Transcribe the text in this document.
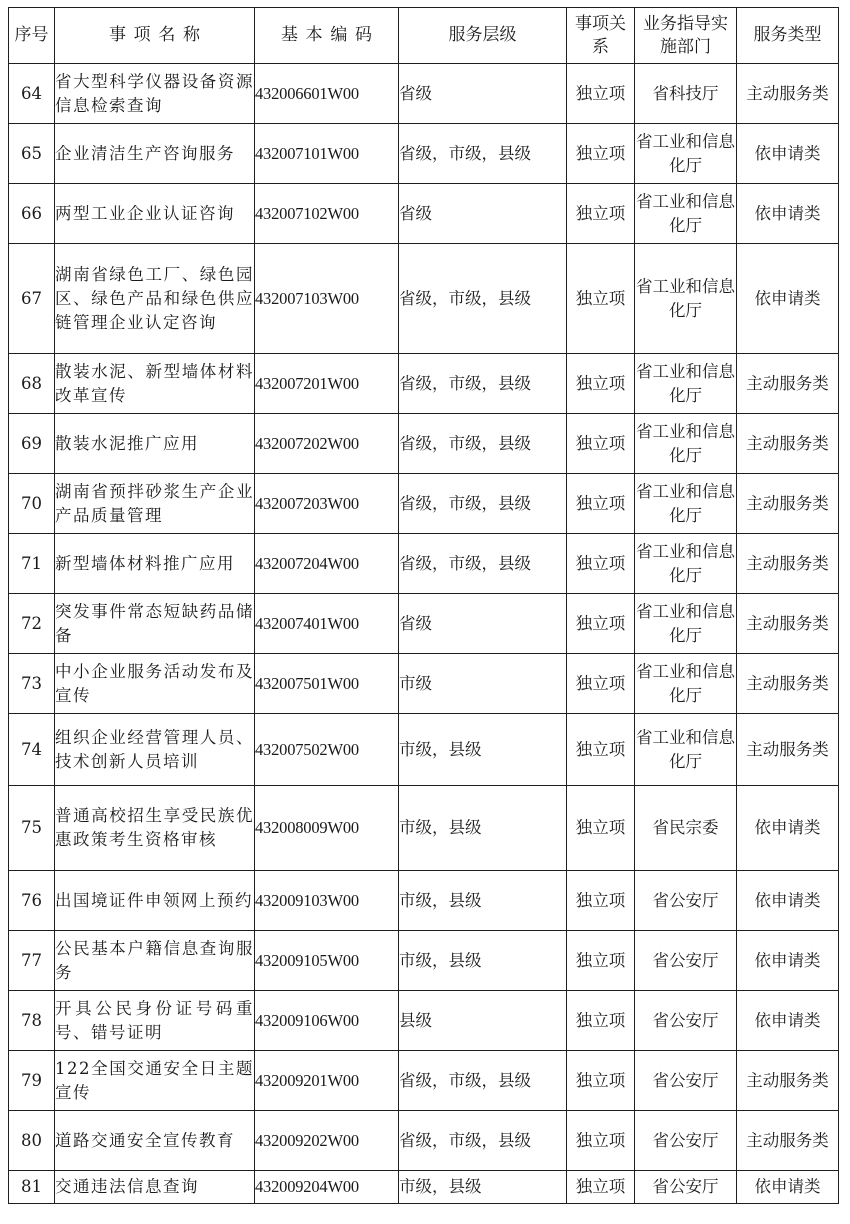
序号	事项名称	基本编码	服务层级	事项关系	业务指导实施部门	服务类型
64	省大型科学仪器设备资源信息检索查询	432006601W00	省级	独立项	省科技厅	主动服务类
65	企业清洁生产咨询服务	432007101W00	省级，市级，县级	独立项	省工业和信息化厅	依申请类
66	两型工业企业认证咨询	432007102W00	省级	独立项	省工业和信息化厅	依申请类
67	湖南省绿色工厂、绿色园区、绿色产品和绿色供应链管理企业认定咨询	432007103W00	省级，市级，县级	独立项	省工业和信息化厅	依申请类
68	散装水泥、新型墙体材料改革宣传	432007201W00	省级，市级，县级	独立项	省工业和信息化厅	主动服务类
69	散装水泥推广应用	432007202W00	省级，市级，县级	独立项	省工业和信息化厅	主动服务类
70	湖南省预拌砂浆生产企业产品质量管理	432007203W00	省级，市级，县级	独立项	省工业和信息化厅	主动服务类
71	新型墙体材料推广应用	432007204W00	省级，市级，县级	独立项	省工业和信息化厅	主动服务类
72	突发事件常态短缺药品储备	432007401W00	省级	独立项	省工业和信息化厅	主动服务类
73	中小企业服务活动发布及宣传	432007501W00	市级	独立项	省工业和信息化厅	主动服务类
74	组织企业经营管理人员、技术创新人员培训	432007502W00	市级，县级	独立项	省工业和信息化厅	主动服务类
75	普通高校招生享受民族优惠政策考生资格审核	432008009W00	市级，县级	独立项	省民宗委	依申请类
76	出国境证件申领网上预约	432009103W00	市级，县级	独立项	省公安厅	依申请类
77	公民基本户籍信息查询服务	432009105W00	市级，县级	独立项	省公安厅	依申请类
78	开具公民身份证号码重号、错号证明	432009106W00	县级	独立项	省公安厅	依申请类
79	122全国交通安全日主题宣传	432009201W00	省级，市级，县级	独立项	省公安厅	主动服务类
80	道路交通安全宣传教育	432009202W00	省级，市级，县级	独立项	省公安厅	主动服务类
81	交通违法信息查询	432009204W00	市级，县级	独立项	省公安厅	依申请类
